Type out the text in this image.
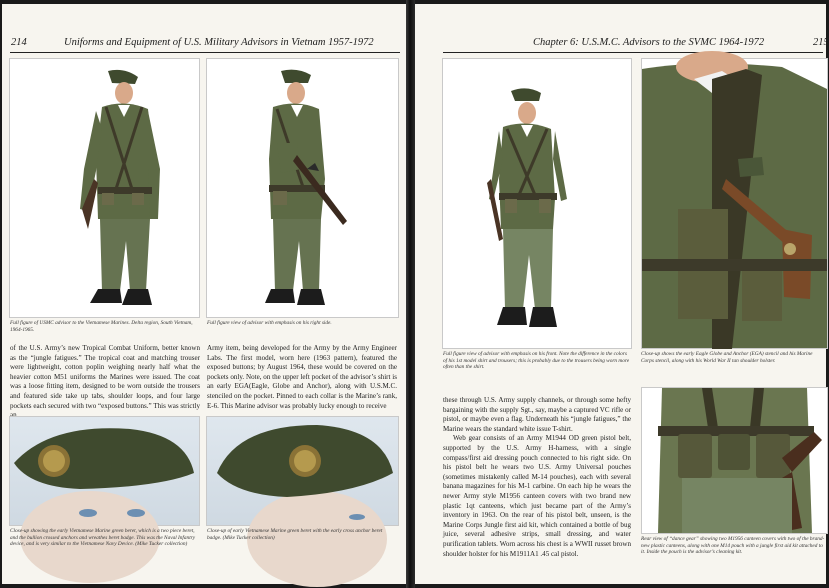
214	Uniforms and Equipment of U.S. Military Advisors in Vietnam 1957-1972
Full figure of USMC advisor to the Vietnamese Marines. Delta region, South Vietnam, 1964-1965.
Full figure view of advisor with emphasis on his right side.
of the U.S. Army’s new Tropical Combat Uniform, better known as the “jungle fatigues.” The tropical coat and matching trouser were lightweight, cotton poplin weighing nearly half what the heavier cotton M51 uniforms the Marines were issued. The coat was a loose fitting item, designed to be worn outside the trousers and featured side take up tabs, shoulder loops, and four large pockets each secured with two “exposed buttons.” This was strictly
Army item, being developed for the Army by the Army Engineer Labs. The first model, worn here (1963 pattern), featured the exposed buttons; by August 1964, these would be covered on the pockets only. Note, on the upper left pocket of the advisor’s shirt is an early EGA(Eagle, Globe and Anchor), along with U.S.M.C. stenciled on the pocket. Pinned to each collar is the Marine’s rank, E-6. This Marine advisor was probably lucky enough to receive
Close-up showing the early Vietnamese Marine green beret, which is a two piece beret, and the bullion crossed anchors and wreathes beret badge. This was the Naval Infantry device, and is very similar to the Vietnamese Navy Device. (Mike Tucker collection)
Close-up of early Vietnamese Marine green beret with the early cross anchor beret badge. (Mike Tucker collection)
Chapter 6: U.S.M.C. Advisors to the SVMC 1964-1972	215
Full figure view of advisor with emphasis on his front. Note the difference in the colors of his 1st model shirt and trousers; this is probably due to the trousers being worn more often than the shirt.
Close-up shows the early Eagle Globe and Anchor (EGA) stencil and his Marine Corps stencil, along with his World War II tan shoulder holster.

these through U.S. Army supply channels, or through some hefty bargaining with the supply Sgt., say, maybe a captured VC rifle or pistol, or maybe even a flag. Underneath his “jungle fatigues,” the Marine wears the standard white issue T-shirt.

Web gear consists of an Army M1944 OD green pistol belt, supported by the U.S. Army H-harness, with a single compass/first aid dressing pouch connected to his right side. On his pistol belt he wears two U.S. Army Universal pouches (sometimes mistakenly called M-14 pouches), each with several banana magazines for his M-1 carbine. On each hip he wears the newer Army style M1956 canteen covers with two brand new plastic 1qt canteens, which just became part of the Army’s inventory in 1963. On the rear of his pistol belt, unseen, is the Marine Corps Jungle first aid kit, which contained a bottle of bug juice, several adhesive strips, small dressing, and water purification tablets. Worn across his chest is a WWII russet brown shoulder holster for his M1911A1 .45 cal pistol.

Rear view of “dance gear” showing two M1956 canteen covers with two of the brand-new plastic canteens, along with one M14 pouch with a jungle first aid kit attached to it. Inside the pouch is the advisor’s cleaning kit.
